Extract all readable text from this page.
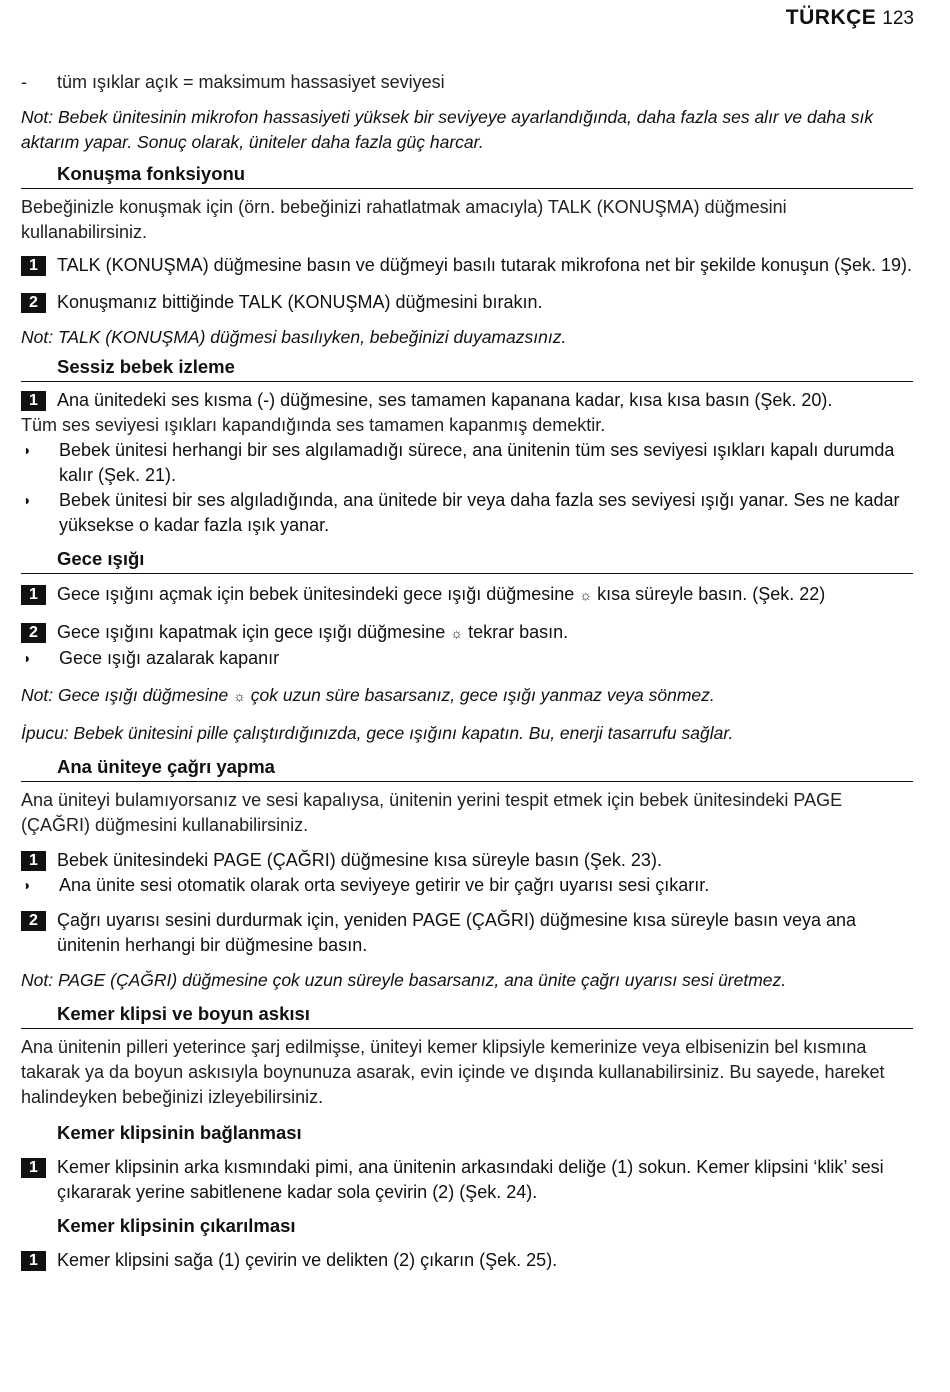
TÜRKÇE 123
-	tüm ışıklar açık = maksimum hassasiyet seviyesi
Not: Bebek ünitesinin mikrofon hassasiyeti yüksek bir seviyeye ayarlandığında, daha fazla ses alır ve daha sık aktarım yapar. Sonuç olarak, üniteler daha fazla güç harcar.
Konuşma fonksiyonu
Bebeğinizle konuşmak için (örn. bebeğinizi rahatlatmak amacıyla) TALK (KONUŞMA) düğmesini kullanabilirsiniz.
1	TALK (KONUŞMA) düğmesine basın ve düğmeyi basılı tutarak mikrofona net bir şekilde konuşun (Şek. 19).
2	Konuşmanız bittiğinde TALK (KONUŞMA) düğmesini bırakın.
Not: TALK (KONUŞMA) düğmesi basılıyken, bebeğinizi duyamazsınız.
Sessiz bebek izleme
1	Ana ünitedeki ses kısma (-) düğmesine, ses tamamen kapanana kadar, kısa kısa basın (Şek. 20).
Tüm ses seviyesi ışıkları kapandığında ses tamamen kapanmış demektir.
◗	Bebek ünitesi herhangi bir ses algılamadığı sürece, ana ünitenin tüm ses seviyesi ışıkları kapalı durumda kalır (Şek. 21).
◗	Bebek ünitesi bir ses algıladığında, ana ünitede bir veya daha fazla ses seviyesi ışığı yanar. Ses ne kadar yüksekse o kadar fazla ışık yanar.
Gece ışığı
1	Gece ışığını açmak için bebek ünitesindeki gece ışığı düğmesine ☼ kısa süreyle basın. (Şek. 22)
2	Gece ışığını kapatmak için gece ışığı düğmesine ☼ tekrar basın.
◗	Gece ışığı azalarak kapanır
Not: Gece ışığı düğmesine ☼ çok uzun süre basarsanız, gece ışığı yanmaz veya sönmez.
İpucu: Bebek ünitesini pille çalıştırdığınızda, gece ışığını kapatın. Bu, enerji tasarrufu sağlar.
Ana üniteye çağrı yapma
Ana üniteyi bulamıyorsanız ve sesi kapalıysa, ünitenin yerini tespit etmek için bebek ünitesindeki PAGE (ÇAĞRI) düğmesini kullanabilirsiniz.
1	Bebek ünitesindeki PAGE (ÇAĞRI) düğmesine kısa süreyle basın (Şek. 23).
◗	Ana ünite sesi otomatik olarak orta seviyeye getirir ve bir çağrı uyarısı sesi çıkarır.
2	Çağrı uyarısı sesini durdurmak için, yeniden PAGE (ÇAĞRI) düğmesine kısa süreyle basın veya ana ünitenin herhangi bir düğmesine basın.
Not: PAGE (ÇAĞRI) düğmesine çok uzun süreyle basarsanız, ana ünite çağrı uyarısı sesi üretmez.
Kemer klipsi ve boyun askısı
Ana ünitenin pilleri yeterince şarj edilmişse, üniteyi kemer klipsiyle kemerinize veya elbisenizin bel kısmına takarak ya da boyun askısıyla boynunuza asarak, evin içinde ve dışında kullanabilirsiniz. Bu sayede, hareket halindeyken bebeğinizi izleyebilirsiniz.
Kemer klipsinin bağlanması
1	Kemer klipsinin arka kısmındaki pimi, ana ünitenin arkasındaki deliğe (1) sokun. Kemer klipsini ‘klik’ sesi çıkararak yerine sabitlenene kadar sola çevirin (2) (Şek. 24).
Kemer klipsinin çıkarılması
1	Kemer klipsini sağa (1) çevirin ve delikten (2) çıkarın (Şek. 25).
